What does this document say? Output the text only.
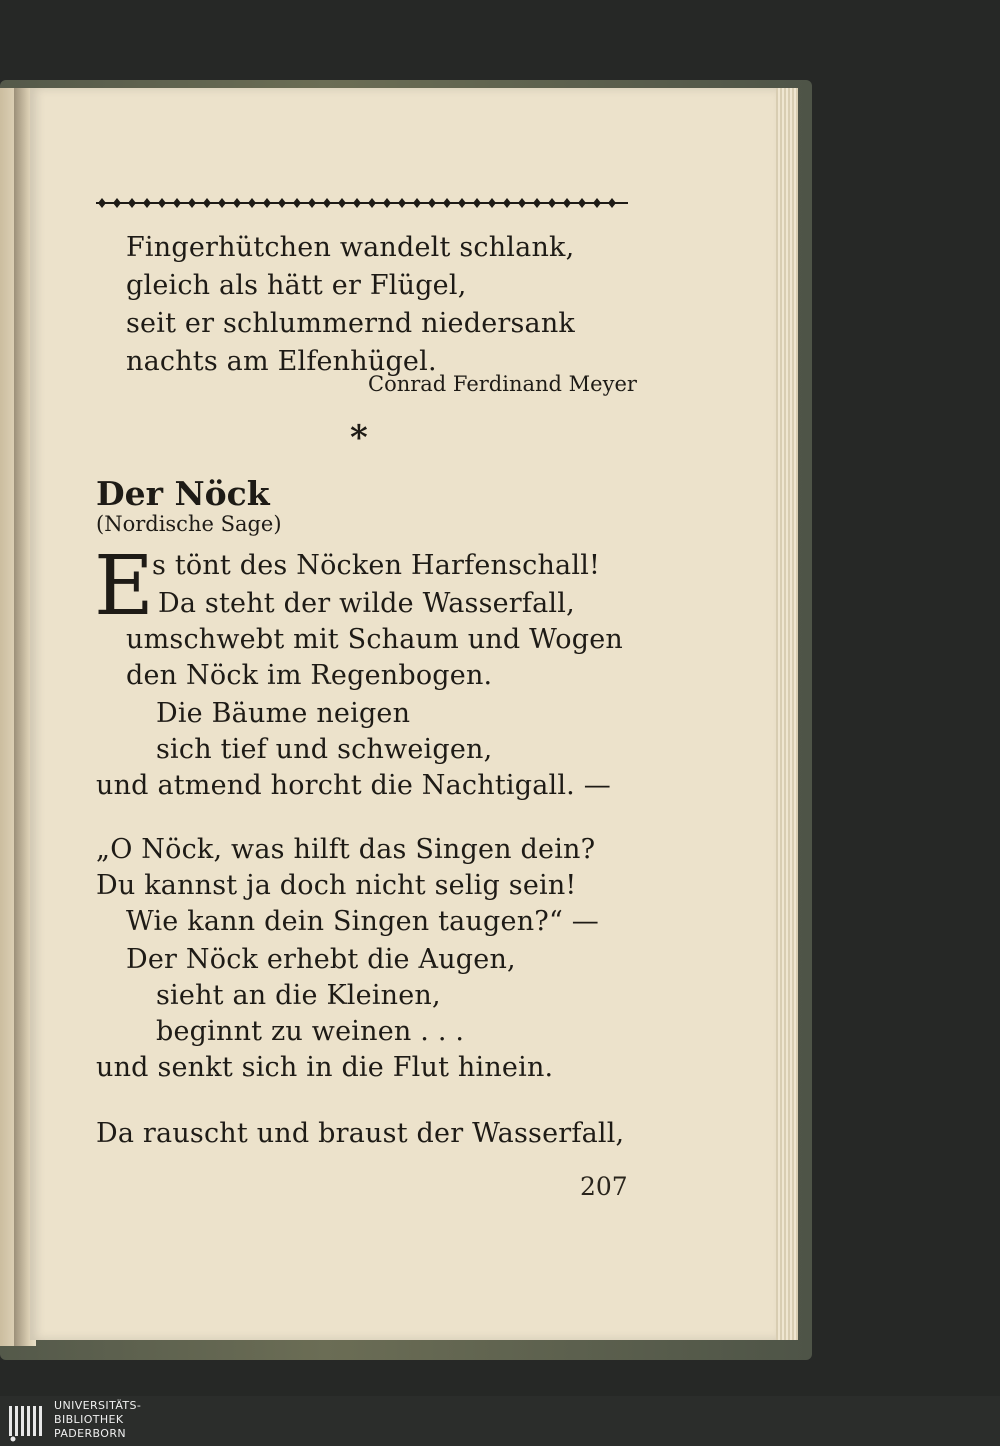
Fingerhütchen wandelt schlank,
gleich als hätt er Flügel,
seit er schlummernd niedersank
nachts am Elfenhügel.
Conrad Ferdinand Meyer
*
Der Nöck
(Nordische Sage)
E
s tönt des Nöcken Harfenschall!
Da steht der wilde Wasserfall,
umschwebt mit Schaum und Wogen
den Nöck im Regenbogen.
Die Bäume neigen
sich tief und schweigen,
und atmend horcht die Nachtigall. —
„O Nöck, was hilft das Singen dein?
Du kannst ja doch nicht selig sein!
Wie kann dein Singen taugen?“ —
Der Nöck erhebt die Augen,
sieht an die Kleinen,
beginnt zu weinen . . .
und senkt sich in die Flut hinein.
Da rauscht und braust der Wasserfall,
207
UNIVERSITÄTS-
BIBLIOTHEK
PADERBORN
